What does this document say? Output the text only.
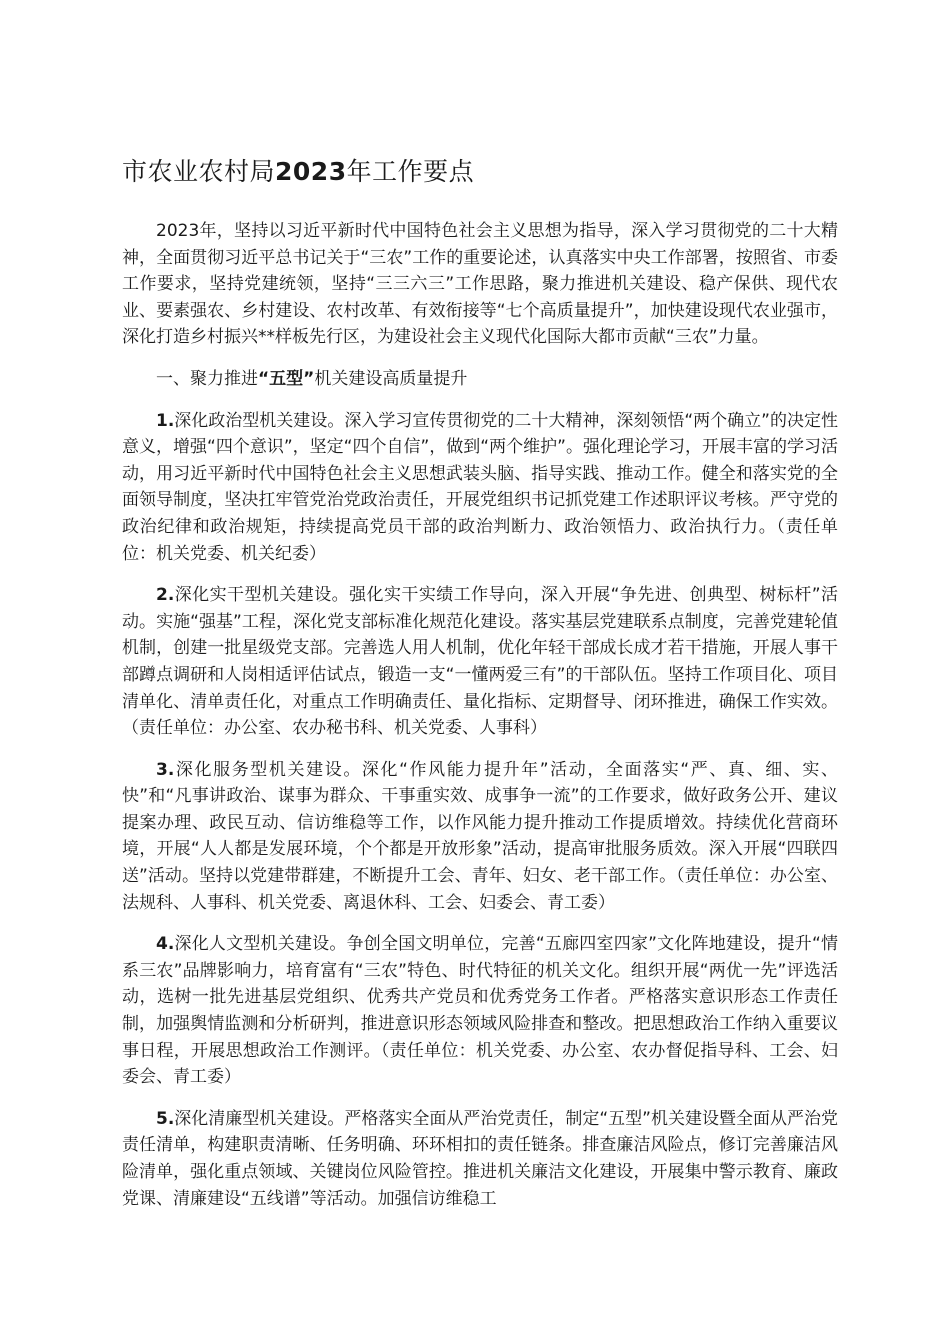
市农业农村局2023年工作要点

2023年，坚持以习近平新时代中国特色社会主义思想为指导，深入学习贯彻党的二十大精神，全面贯彻习近平总书记关于“三农”工作的重要论述，认真落实中央工作部署，按照省、市委工作要求，坚持党建统领，坚持“三三六三”工作思路，聚力推进机关建设、稳产保供、现代农业、要素强农、乡村建设、农村改革、有效衔接等“七个高质量提升”，加快建设现代农业强市，深化打造乡村振兴**样板先行区，为建设社会主义现代化国际大都市贡献“三农”力量。

一、聚力推进“五型”机关建设高质量提升

1.深化政治型机关建设。深入学习宣传贯彻党的二十大精神，深刻领悟“两个确立”的决定性意义，增强“四个意识”，坚定“四个自信”，做到“两个维护”。强化理论学习，开展丰富的学习活动，用习近平新时代中国特色社会主义思想武装头脑、指导实践、推动工作。健全和落实党的全面领导制度，坚决扛牢管党治党政治责任，开展党组织书记抓党建工作述职评议考核。严守党的政治纪律和政治规矩，持续提高党员干部的政治判断力、政治领悟力、政治执行力。（责任单位：机关党委、机关纪委）

2.深化实干型机关建设。强化实干实绩工作导向，深入开展“争先进、创典型、树标杆”活动。实施“强基”工程，深化党支部标准化规范化建设。落实基层党建联系点制度，完善党建轮值机制，创建一批星级党支部。完善选人用人机制，优化年轻干部成长成才若干措施，开展人事干部蹲点调研和人岗相适评估试点，锻造一支“一懂两爱三有”的干部队伍。坚持工作项目化、项目清单化、清单责任化，对重点工作明确责任、量化指标、定期督导、闭环推进，确保工作实效。（责任单位：办公室、农办秘书科、机关党委、人事科）

3.深化服务型机关建设。深化“作风能力提升年”活动，全面落实“严、真、细、实、快”和“凡事讲政治、谋事为群众、干事重实效、成事争一流”的工作要求，做好政务公开、建议提案办理、政民互动、信访维稳等工作，以作风能力提升推动工作提质增效。持续优化营商环境，开展“人人都是发展环境，个个都是开放形象”活动，提高审批服务质效。深入开展“四联四送”活动。坚持以党建带群建，不断提升工会、青年、妇女、老干部工作。（责任单位：办公室、法规科、人事科、机关党委、离退休科、工会、妇委会、青工委）

4.深化人文型机关建设。争创全国文明单位，完善“五廊四室四家”文化阵地建设，提升“情系三农”品牌影响力，培育富有“三农”特色、时代特征的机关文化。组织开展“两优一先”评选活动，选树一批先进基层党组织、优秀共产党员和优秀党务工作者。严格落实意识形态工作责任制，加强舆情监测和分析研判，推进意识形态领域风险排查和整改。把思想政治工作纳入重要议事日程，开展思想政治工作测评。（责任单位：机关党委、办公室、农办督促指导科、工会、妇委会、青工委）

5.深化清廉型机关建设。严格落实全面从严治党责任，制定“五型”机关建设暨全面从严治党责任清单，构建职责清晰、任务明确、环环相扣的责任链条。排查廉洁风险点，修订完善廉洁风险清单，强化重点领域、关键岗位风险管控。推进机关廉洁文化建设，开展集中警示教育、廉政党课、清廉建设“五线谱”等活动。加强信访维稳工
